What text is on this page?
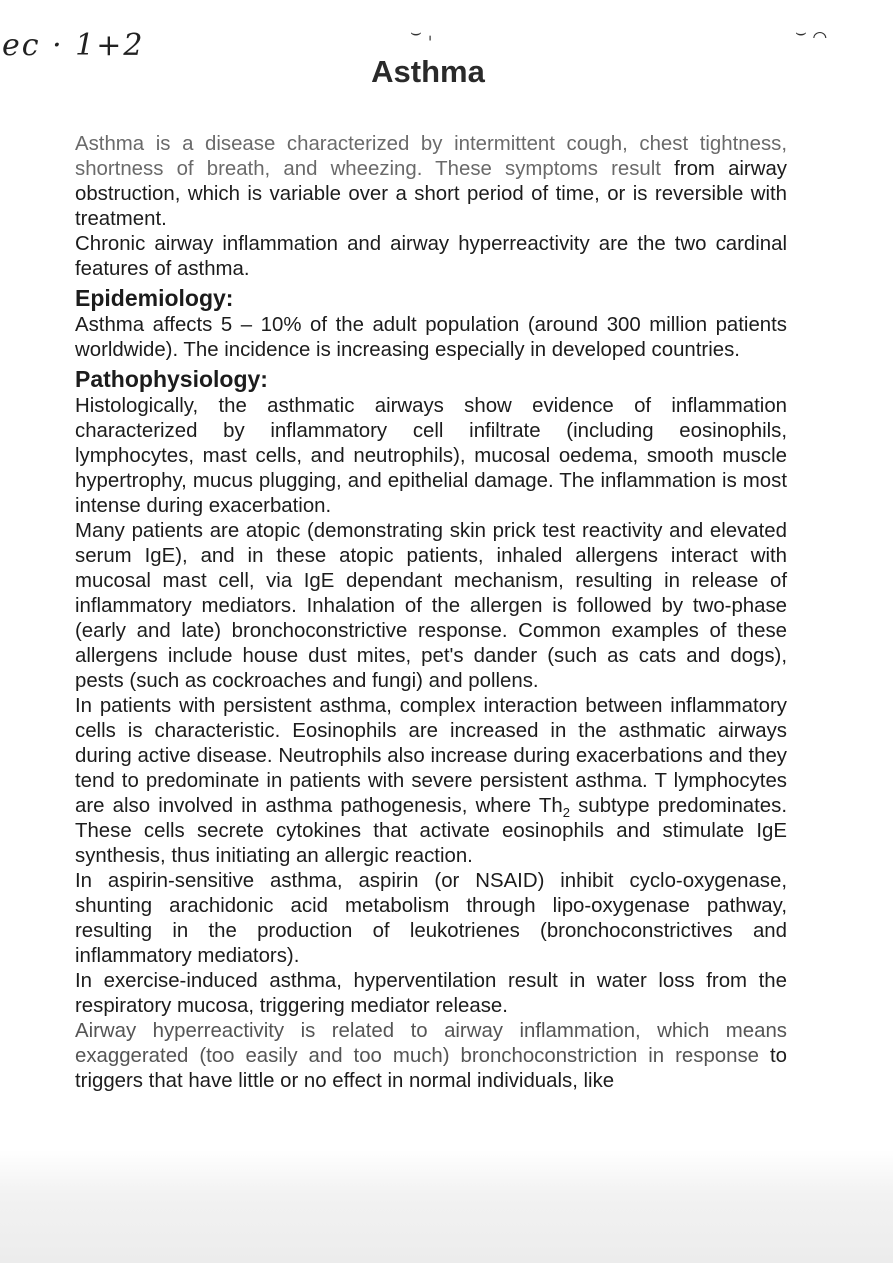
ec · 1+2	⌣ ˌ	⌣ ⌒
Asthma

Asthma is a disease characterized by intermittent cough, chest tightness, shortness of breath, and wheezing. These symptoms result from airway obstruction, which is variable over a short period of time, or is reversible with treatment.

Chronic airway inflammation and airway hyperreactivity are the two cardinal features of asthma.

Epidemiology:

Asthma affects 5 – 10% of the adult population (around 300 million patients worldwide). The incidence is increasing especially in developed countries.

Pathophysiology:

Histologically, the asthmatic airways show evidence of inflammation characterized by inflammatory cell infiltrate (including eosinophils, lymphocytes, mast cells, and neutrophils), mucosal oedema, smooth muscle hypertrophy, mucus plugging, and epithelial damage. The inflammation is most intense during exacerbation.

Many patients are atopic (demonstrating skin prick test reactivity and elevated serum IgE), and in these atopic patients, inhaled allergens interact with mucosal mast cell, via IgE dependant mechanism, resulting in release of inflammatory mediators. Inhalation of the allergen is followed by two-phase (early and late) bronchoconstrictive response. Common examples of these allergens include house dust mites, pet's dander (such as cats and dogs), pests (such as cockroaches and fungi) and pollens.

In patients with persistent asthma, complex interaction between inflammatory cells is characteristic. Eosinophils are increased in the asthmatic airways during active disease. Neutrophils also increase during exacerbations and they tend to predominate in patients with severe persistent asthma. T lymphocytes are also involved in asthma pathogenesis, where $Th_2$ subtype predominates. These cells secrete cytokines that activate eosinophils and stimulate IgE synthesis, thus initiating an allergic reaction.

In aspirin-sensitive asthma, aspirin (or NSAID) inhibit cyclo-oxygenase, shunting arachidonic acid metabolism through lipo-oxygenase pathway, resulting in the production of leukotrienes (bronchoconstrictives and inflammatory mediators).

In exercise-induced asthma, hyperventilation result in water loss from the respiratory mucosa, triggering mediator release.

Airway hyperreactivity is related to airway inflammation, which means exaggerated (too easily and too much) bronchoconstriction in response to triggers that have little or no effect in normal individuals, like
